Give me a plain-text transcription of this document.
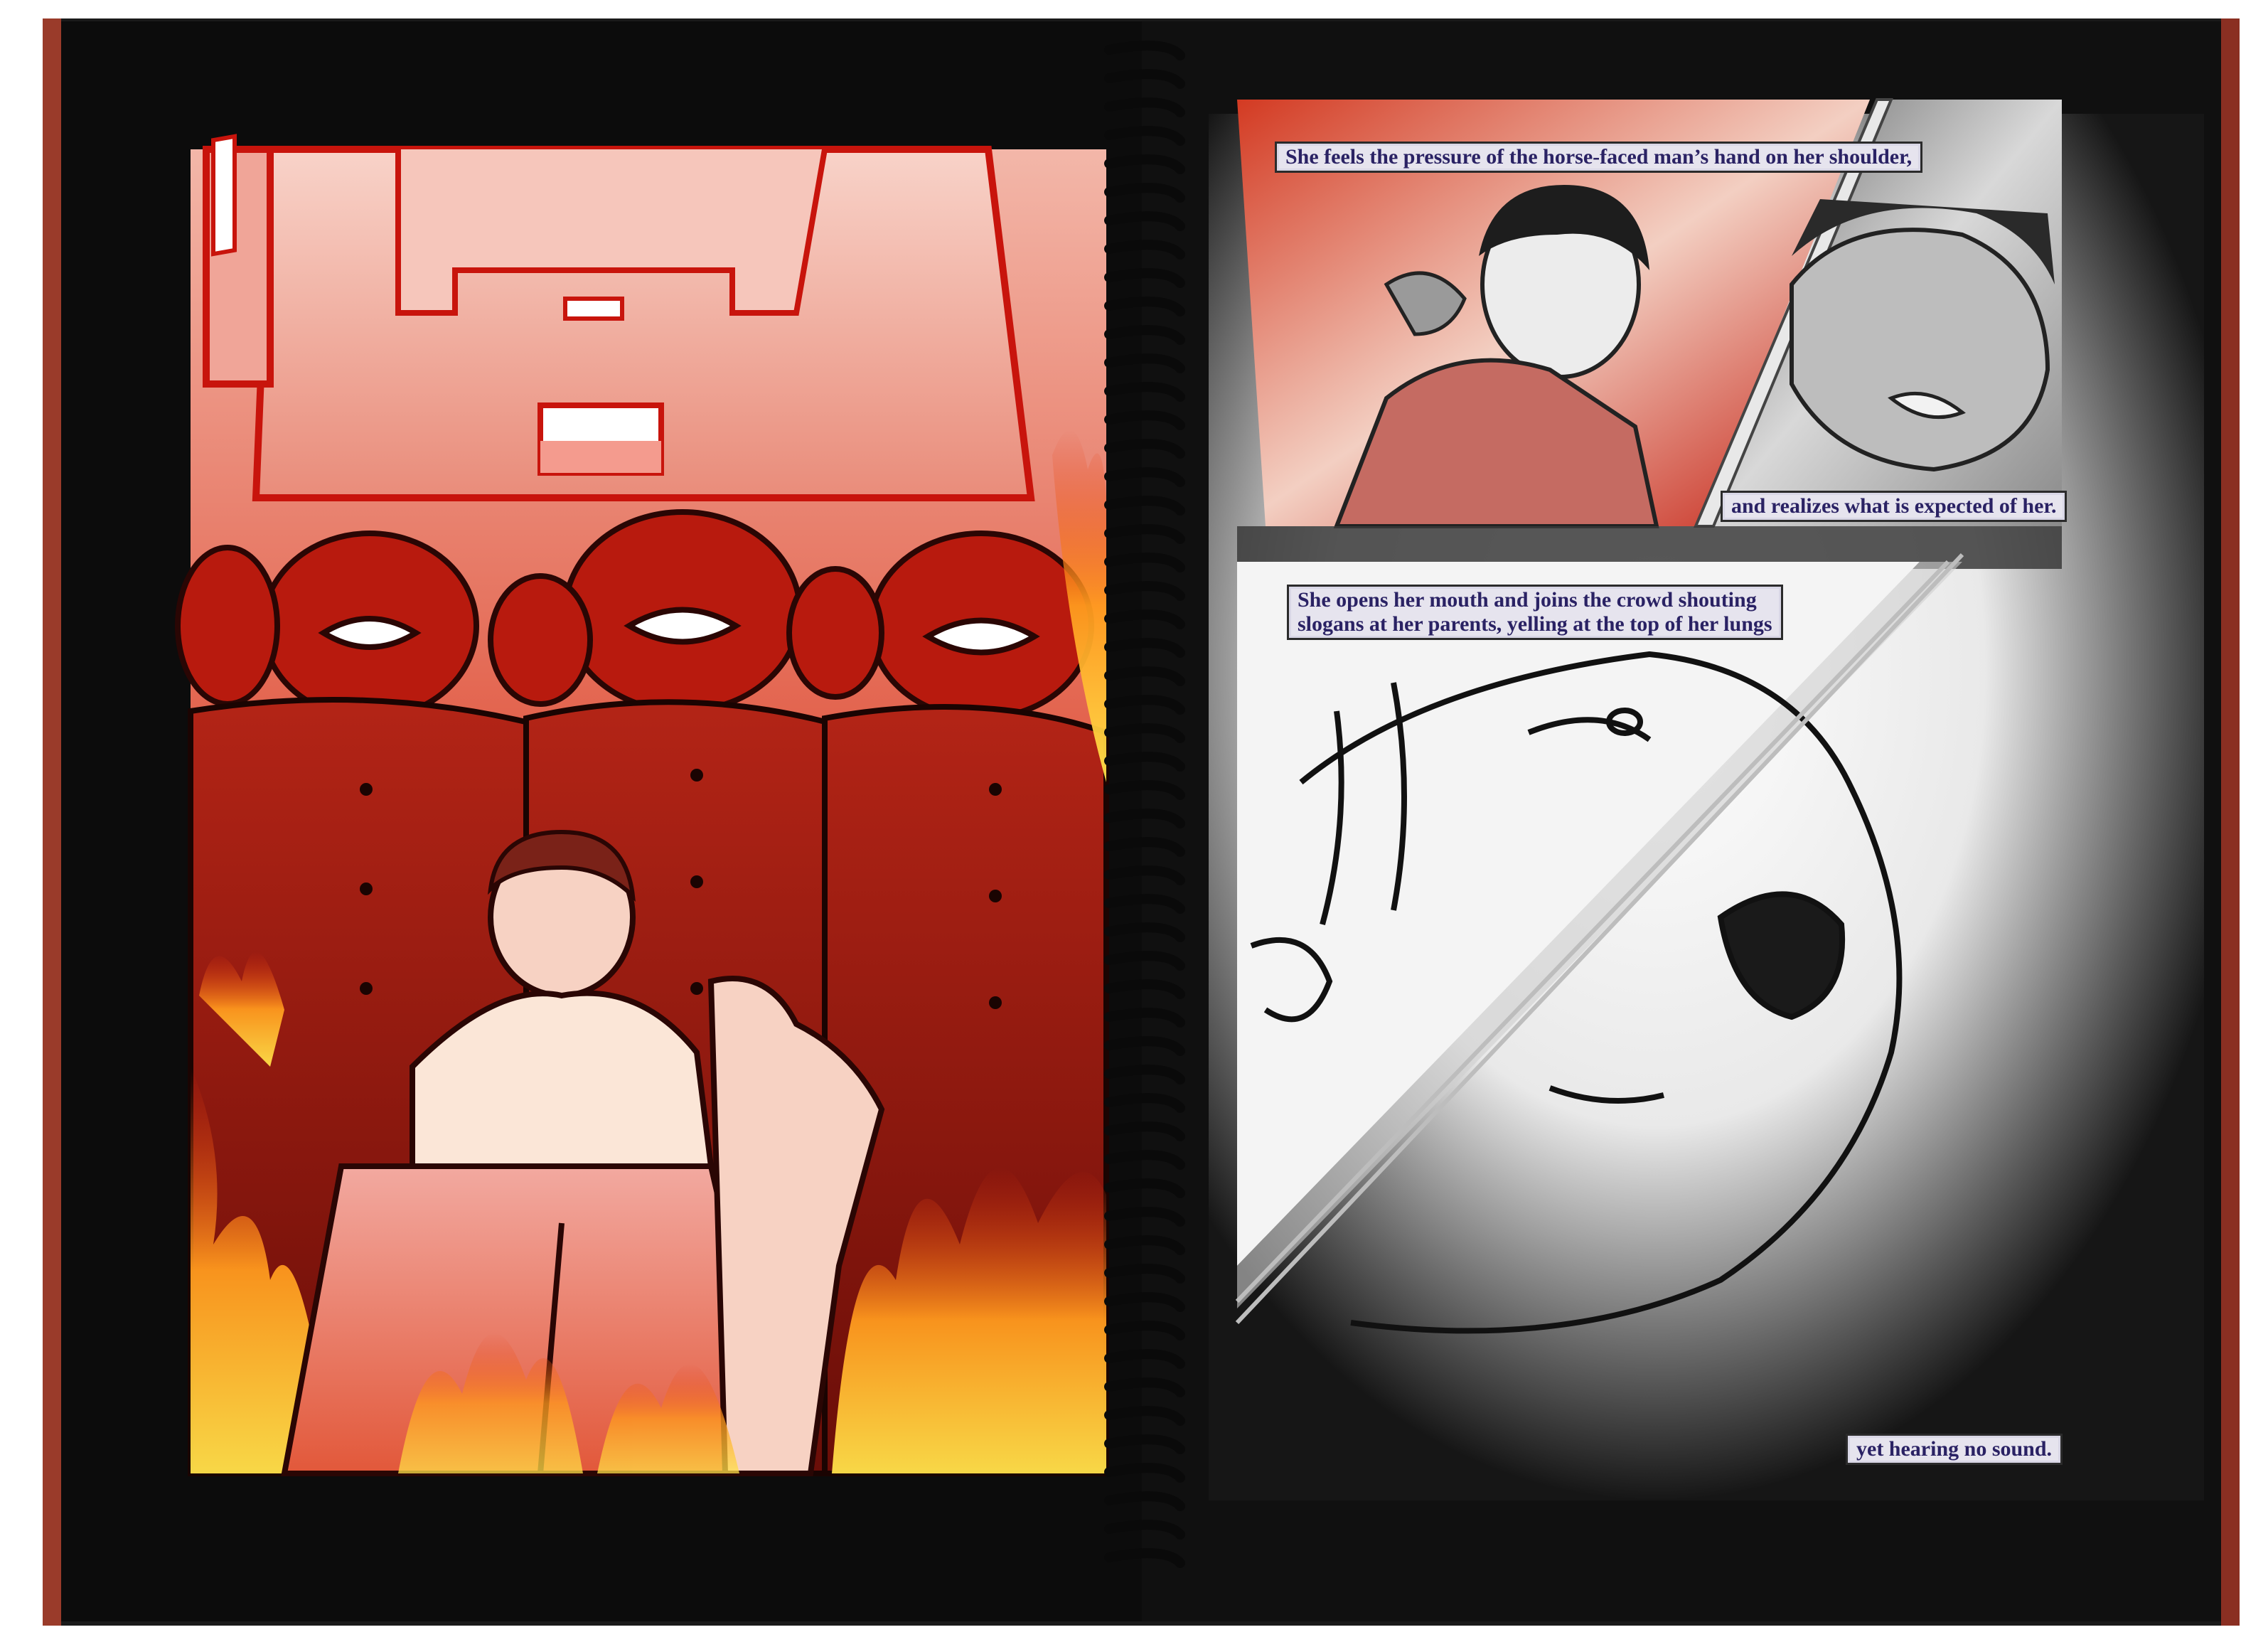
She feels the pressure of the horse-faced man’s hand on her shoulder,
and realizes what is expected of her.
She opens her mouth and joins the crowd shouting
slogans at her parents, yelling at the top of her lungs
yet hearing no sound.
